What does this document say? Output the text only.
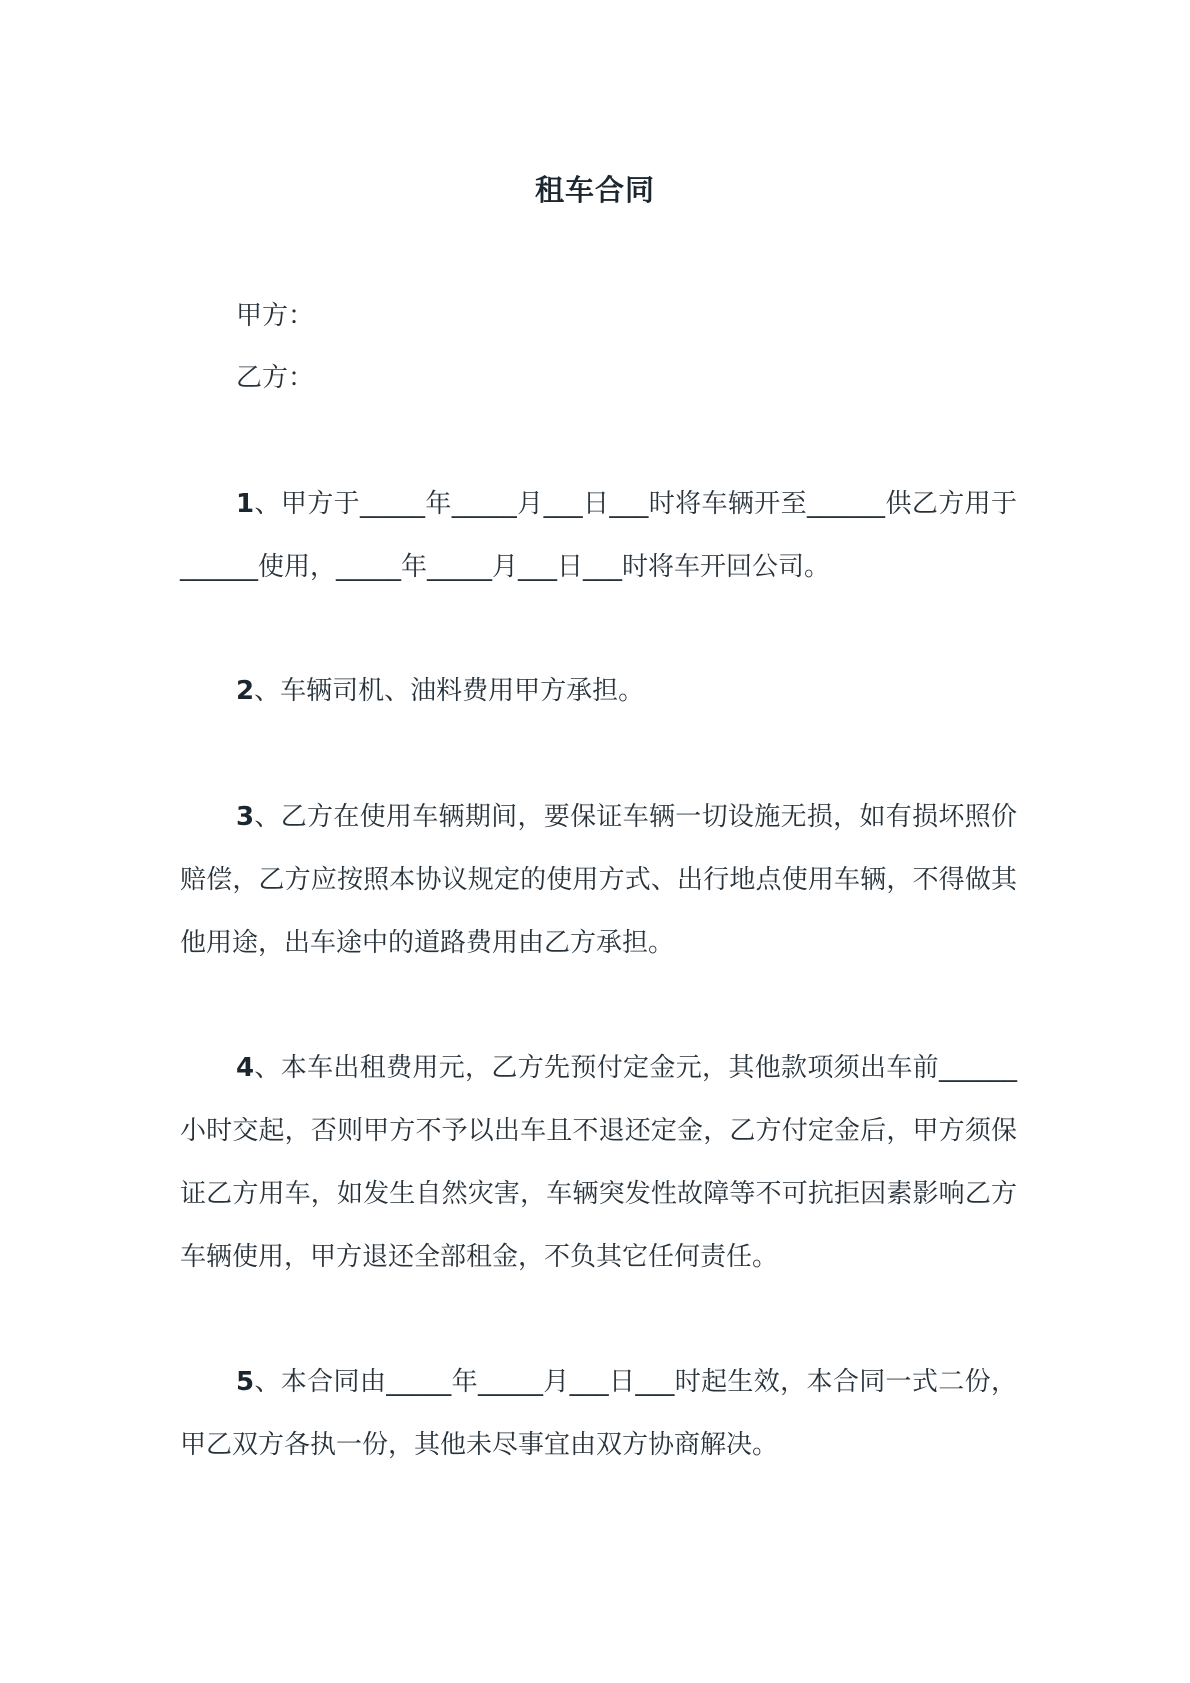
租车合同
甲方：
乙方：

1、甲方于_____年_____月___日___时将车辆开至______供乙方用于______使用，_____年_____月___日___时将车开回公司。

2、车辆司机、油料费用甲方承担。

3、乙方在使用车辆期间，要保证车辆一切设施无损，如有损坏照价赔偿，乙方应按照本协议规定的使用方式、出行地点使用车辆，不得做其他用途，出车途中的道路费用由乙方承担。

4、本车出租费用元，乙方先预付定金元，其他款项须出车前______小时交起，否则甲方不予以出车且不退还定金，乙方付定金后，甲方须保证乙方用车，如发生自然灾害，车辆突发性故障等不可抗拒因素影响乙方车辆使用，甲方退还全部租金，不负其它任何责任。

5、本合同由_____年_____月___日___时起生效，本合同一式二份，甲乙双方各执一份，其他未尽事宜由双方协商解决。
